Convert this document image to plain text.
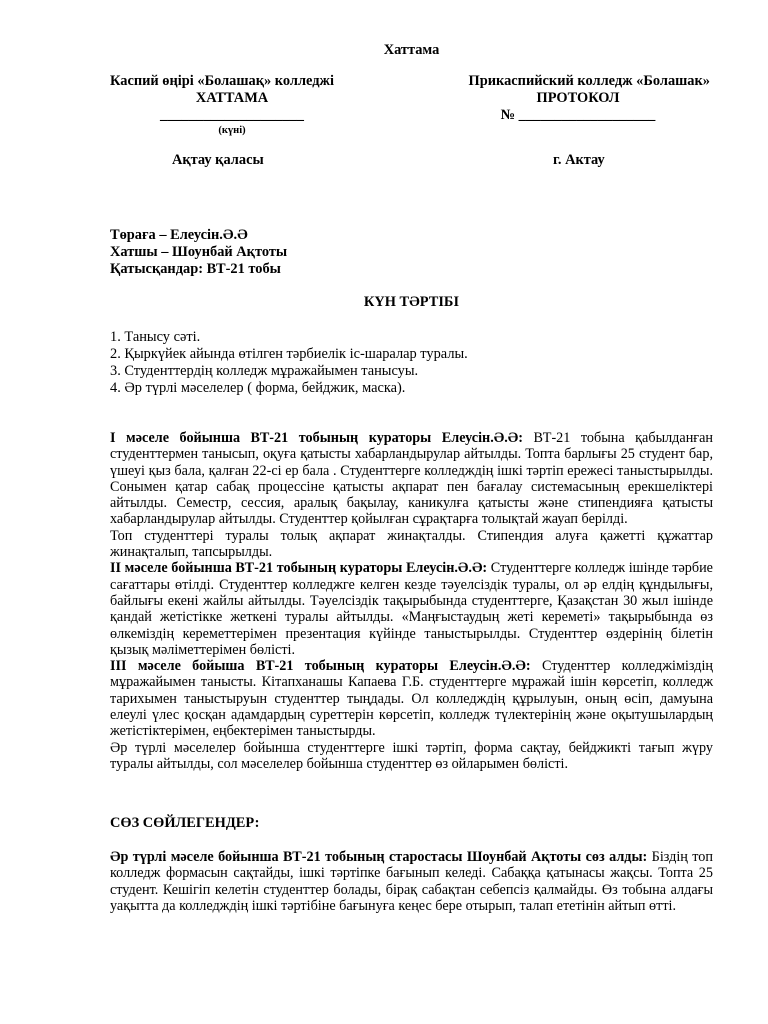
Хаттама
Каспий өңірі «Болашақ» колледжі
ХАТТАМА
____________________
(күні)
Прикаспийский колледж «Болашак»
ПРОТОКОЛ
№ ___________________
Ақтау қаласы	г. Актау
Төраға – Елеусін.Ә.Ә
Хатшы – Шоунбай Ақтоты
Қатысқандар: ВТ-21 тобы
КҮН ТӘРТІБІ
1. Танысу сәті.
2. Қыркүйек айында өтілген тәрбиелік іс-шаралар туралы.
3. Студенттердің колледж мұражайымен танысуы.
4. Әр түрлі мәселелер ( форма, бейджик, маска).

І мәселе бойынша ВТ-21 тобының кураторы Елеусін.Ә.Ә: ВТ-21 тобына қабылданған студенттермен танысып, оқуға қатысты хабарландырулар айтылды. Топта барлығы 25 студент бар, үшеуі қыз бала, қалған 22-сі ер бала . Студенттерге колледждің ішкі тәртіп ережесі таныстырылды. Сонымен қатар сабақ процессіне қатысты ақпарат пен бағалау системасының ерекшеліктері айтылды. Семестр, сессия, аралық бақылау, каникулға қатысты және стипендияға қатысты хабарландырулар айтылды. Студенттер қойылған сұрақтарға толықтай жауап берілді.

Топ студенттері туралы толық ақпарат жинақталды. Стипендия алуға қажетті құжаттар жинақталып, тапсырылды.

ІІ мәселе бойынша ВТ-21 тобының кураторы Елеусін.Ә.Ә: Студенттерге колледж ішінде тәрбие сағаттары өтілді. Студенттер колледжге келген кезде тәуелсіздік туралы, ол әр елдің құндылығы, байлығы екені жайлы айтылды. Тәуелсіздік тақырыбында студенттерге, Қазақстан 30 жыл ішінде қандай жетістікке жеткені туралы айтылды. «Маңғыстаудың жеті кереметі» тақырыбында өз өлкеміздің кереметтерімен презентация күйінде таныстырылды. Студенттер өздерінің білетін қызық мәліметтерімен бөлісті.

ІІІ мәселе бойыша ВТ-21 тобының кураторы Елеусін.Ә.Ә: Студенттер колледжіміздің мұражайымен танысты. Кітапханашы Капаева Г.Б. студенттерге мұражай ішін көрсетіп, колледж тарихымен таныстыруын студенттер тыңдады. Ол колледждің құрылуын, оның өсіп, дамуына елеулі үлес қосқан адамдардың суреттерін көрсетіп, колледж түлектерінің және оқытушылардың жетістіктерімен, еңбектерімен таныстырды.

Әр түрлі мәселелер бойынша студенттерге ішкі тәртіп, форма сақтау, бейджикті тағып жүру туралы айтылды, сол мәселелер бойынша студенттер өз ойларымен бөлісті.

СӨЗ СӨЙЛЕГЕНДЕР:

Әр түрлі мәселе бойынша ВТ-21 тобының старостасы Шоунбай Ақтоты сөз алды: Біздің топ колледж формасын сақтайды, ішкі тәртіпке бағынып келеді. Сабаққа қатынасы жақсы. Топта 25 студент. Кешігіп келетін студенттер болады, бірақ сабақтан себепсіз қалмайды. Өз тобына алдағы уақытта да колледждің ішкі тәртібіне бағынуға кеңес бере отырып, талап ететінін айтып өтті.
